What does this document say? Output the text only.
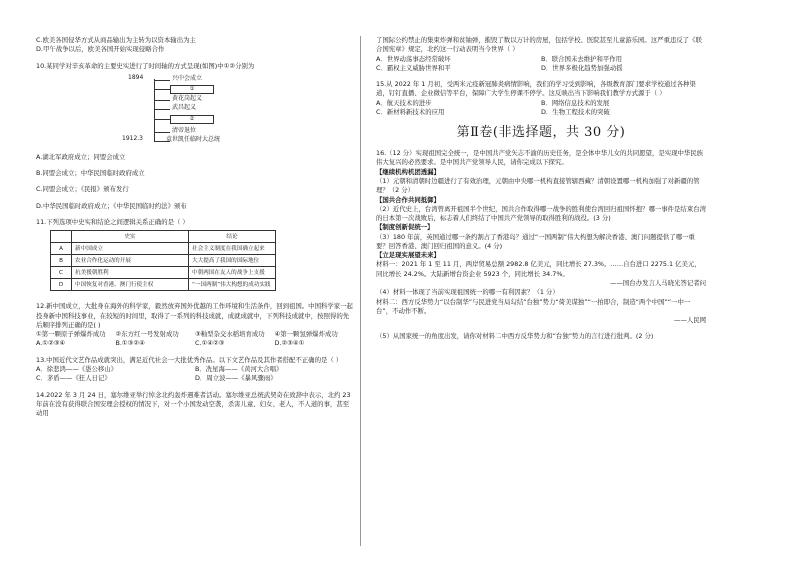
C.欧美各国侵华方式从商品输出为主转为以资本输出为主

D.甲午战争以后，欧美各国开始实现侵略合作

10.某同学对辛亥革命的主要史实进行了时间轴的方式呈现(如图)中①②分别为

1894
1912.3
兴中会成立
①
黄花岗起义
武昌起义
②
清帝退位
袁世凯任临时大总统

A.湖北军政府成立；同盟会成立

B.同盟会成立；中华民国临时政府成立

C.同盟会成立；《民报》颁布发行

D.中华民国临时政府成立；《中华民国临时约法》颁布

11.下列选项中史实和结论之间逻辑关系正确的是（ ）

	史实	结论
A	新中国成立	社会主义制度在我国确立起来
B	农业合作化运动的开展	大大提高了我国的国际地位
C	抗美援朝胜利	中朝两国在友人的战争上支援
D	中国恢复对香港、澳门行使主权	“一国两制”伟大构想的成功实践

12.新中国成立，大批身在海外的科学家，毅然放弃国外优越的工作环境和生活条件，回到祖国。中国科学家一起投身新中国科技事业，在较短的时间里，取得了一系列的科技成就，成就成就中，下列科技成就中，按照得的先后顺序排列正确的是( )

①第一颗原子弹爆炸成功	②东方红一号发射成功	③籼型杂交水稻培育成功	④第一颗氢弹爆炸成功
A.①②③④	B.①③②④	C.①④②③	D.②③④①

13.中国近代文艺作品成就突出，满足近代社会一大批优秀作品。以下文艺作品及其作者搭配不正确的是（ ）

A．徐悲鸿——《愚公移山》	B．冼星海——《黄河大合唱》
C．茅盾——《狂人日记》	D．周立波——《暴风骤雨》

14.2022 年 3 月 24 日，塞尔维亚举行悼念北约轰炸遇难者活动。塞尔维亚总统武契奇在致辞中表示，北约 23 年前在没有获得联合国安理会授权的情况下，对一个小国发动空袭，杀害儿童、妇女、老人，不人道的事，甚至动用

了国际公约禁止的集束炸弹和贫铀弹，摧毁了数以万计的房屋，包括学校、医院甚至儿童游乐园。这严重违反了《联合国宪章》规定，北约这一行动表明当今世界（ ）

A．世界动荡事态经常破坏	B．联合国未去维护和平作用
C．霸权主义威胁世界和平	D．世界多极化趋势加强动摇

15.从 2022 年 1 月初，受两米元疫新冠肺炎病情影响，我们的学习受到影响，各级教育部门要求学校通过各种渠道，钉钉直播、企业微信等平台，保障广大学生停课不停学。这反映出当下影响我们教学方式源于（ ）

A．航天技术的进步	B．网络信息技术的发展
C．新材料新技术的应用	D．生物工程技术的突破
第Ⅱ卷(非选择题，共 30 分)

16.（12 分）实现祖国完全统一，是中国共产党矢志不渝的历史任务，是全体中华儿女的共同愿望，是实现中华民族伟大复兴的必然要求。是中国共产党领导人民，请你完成以下探究。

【继续机构机团透漏】

（1）元朝和清朝时边疆进行了有效治理，元朝由中央哪一机构直接管辖西藏？清朝设置哪一机构加强了对新疆的管理？（2 分）

【国共合作共同抵御】

（2）近代史上，台湾曾离开祖国半个世纪，国共合作取得哪一战争的胜利使台湾回归祖国怀抱？哪一事件是结束台湾的日本第一次战败后，标志着人们终结了中国共产党领导的取得胜利的战役。(3 分)

【制度创新促统一】

（3）180 年前，英国通过哪一条约割占了香港岛？通过“一国两制”伟大构想为解决香港、澳门问题提供了哪一重要？回答香港、澳门回归祖国的意义。(4 分)

【立足现实展望未来】

材料一：2021 年 1 至 11 月，两岸贸易总额 2982.8 亿美元，同比增长 27.3%。……自台进口 2275.1 亿美元，同比增长 24.2%。大陆新增台资企业 5923 个，同比增长 34.7%。

——国台办发言人马晓光答记者问

（4）材料一体现了当前实现祖国统一的哪一有利因素？（1 分）

材料二：西方反华势力“以台制华”与民进党当局勾结“台独”势力“倚美谋独”“一拍即合，制造“两个中国”“一中一台”，不动作不断。

——人民网

（5）从国家统一的角度出发，请你对材料二中西方反华势力和“台独”势力的言行进行批判。(2 分)
